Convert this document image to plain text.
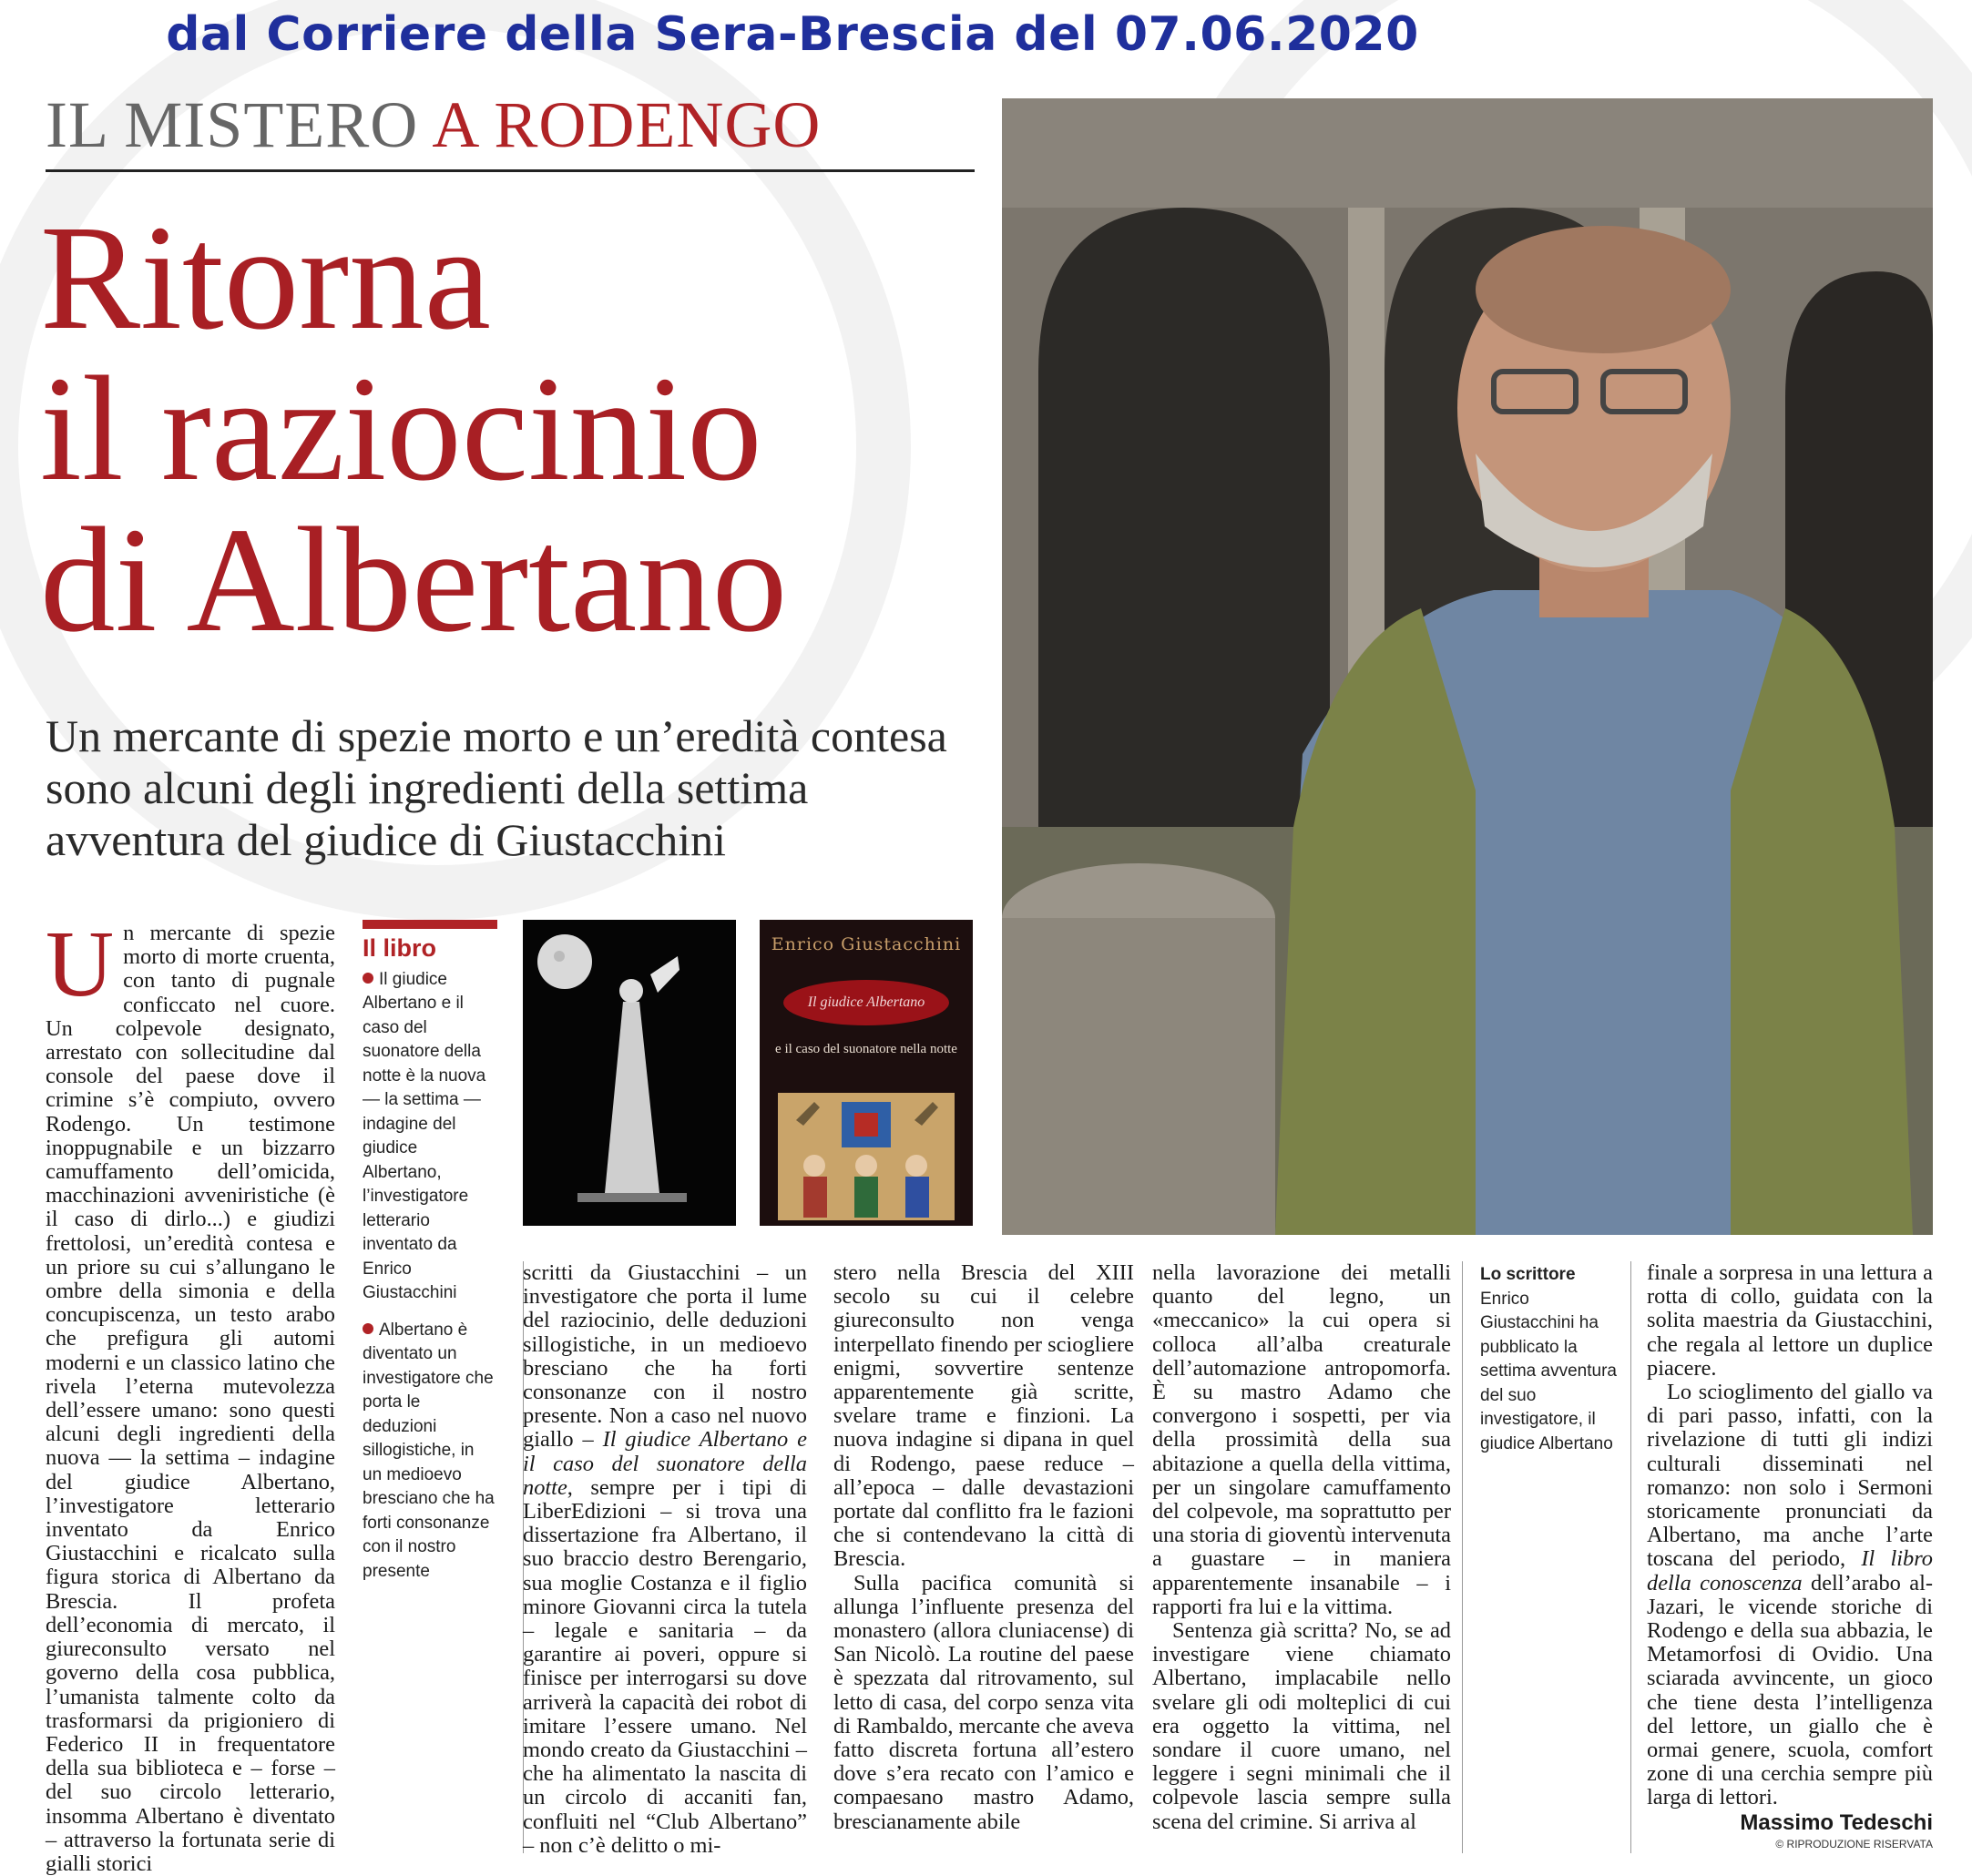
dal Corriere della Sera-Brescia del 07.06.2020
IL MISTERO A RODENGO
Ritorna
il raziocinio
di Albertano
Un mercante di spezie morto e un’eredità contesa sono alcuni degli ingredienti della settima avventura del giudice di Giustacchini

Un mercante di spezie morto di morte cruenta, con tanto di pugnale conficcato nel cuore. Un colpevole designato, arrestato con sollecitudine dal console del paese dove il crimine s’è compiuto, ovvero Rodengo. Un testimone inoppugnabile e un bizzarro camuffamento dell’omicida, macchinazioni avveniristiche (è il caso di dirlo...) e giudizi frettolosi, un’eredità contesa e un priore su cui s’allungano le ombre della simonia e della concupiscenza, un testo arabo che prefigura gli automi moderni e un classico latino che rivela l’eterna mutevolezza dell’essere umano: sono questi alcuni degli ingredienti della nuova — la settima – indagine del giudice Albertano, l’investigatore letterario inventato da Enrico Giustacchini e ricalcato sulla figura storica di Albertano da Brescia. Il profeta dell’economia di mercato, il giureconsulto versato nel governo della cosa pubblica, l’umanista talmente colto da trasformarsi da prigioniero di Federico II in frequentatore della sua biblioteca e – forse – del suo circolo letterario, insomma Albertano è diventato – attraverso la fortunata serie di gialli storici

Il libro
Il giudice Albertano e il caso del suonatore della notte è la nuova — la settima — indagine del giudice Albertano, l’investigatore letterario inventato da Enrico Giustacchini
Albertano è diventato un investigatore che porta le deduzioni sillogistiche, in un medioevo bresciano che ha forti consonanze con il nostro presente
Enrico Giustacchini
Il giudice Albertano
e il caso del suonatore nella notte

scritti da Giustacchini – un investigatore che porta il lume del raziocinio, delle deduzioni sillogistiche, in un medioevo bresciano che ha forti consonanze con il nostro presente. Non a caso nel nuovo giallo – Il giudice Albertano e il caso del suonatore della notte, sempre per i tipi di LiberEdizioni – si trova una dissertazione fra Albertano, il suo braccio destro Berengario, sua moglie Costanza e il figlio minore Giovanni circa la tutela – legale e sanitaria – da garantire ai poveri, oppure si finisce per interrogarsi su dove arriverà la capacità dei robot di imitare l’essere umano. Nel mondo creato da Giustacchini – che ha alimentato la nascita di un circolo di accaniti fan, confluiti nel “Club Albertano” – non c’è delitto o mi-

stero nella Brescia del XIII secolo su cui il celebre giureconsulto non venga interpellato finendo per sciogliere enigmi, sovvertire sentenze apparentemente già scritte, svelare trame e finzioni. La nuova indagine si dipana in quel di Rodengo, paese reduce – all’epoca – dalle devastazioni portate dal conflitto fra le fazioni che si contendevano la città di Brescia.

Sulla pacifica comunità si allunga l’influente presenza del monastero (allora cluniacense) di San Nicolò. La routine del paese è spezzata dal ritrovamento, sul letto di casa, del corpo senza vita di Rambaldo, mercante che aveva fatto discreta fortuna all’estero dove s’era recato con l’amico e compaesano mastro Adamo, brescianamente abile

nella lavorazione dei metalli quanto del legno, un «meccanico» la cui opera si colloca all’alba creaturale dell’automazione antropomorfa. È su mastro Adamo che convergono i sospetti, per via della prossimità della sua abitazione a quella della vittima, per un singolare camuffamento del colpevole, ma soprattutto per una storia di gioventù intervenuta a guastare – in maniera apparentemente insanabile – i rapporti fra lui e la vittima.

Sentenza già scritta? No, se ad investigare viene chiamato Albertano, implacabile nello svelare gli odi molteplici di cui era oggetto la vittima, nel sondare il cuore umano, nel leggere i segni minimali che il colpevole lascia sempre sulla scena del crimine. Si arriva al

Lo scrittore
Enrico Giustacchini ha pubblicato la settima avventura del suo investigatore, il giudice Albertano

finale a sorpresa in una lettura a rotta di collo, guidata con la solita maestria da Giustacchini, che regala al lettore un duplice piacere.

Lo scioglimento del giallo va di pari passo, infatti, con la rivelazione di tutti gli indizi culturali disseminati nel romanzo: non solo i Sermoni storicamente pronunciati da Albertano, ma anche l’arte toscana del periodo, Il libro della conoscenza dell’arabo al-Jazari, le vicende storiche di Rodengo e della sua abbazia, le Metamorfosi di Ovidio. Una sciarada avvincente, un gioco che tiene desta l’intelligenza del lettore, un giallo che è ormai genere, scuola, comfort zone di una cerchia sempre più larga di lettori.

Massimo Tedeschi
© RIPRODUZIONE RISERVATA
